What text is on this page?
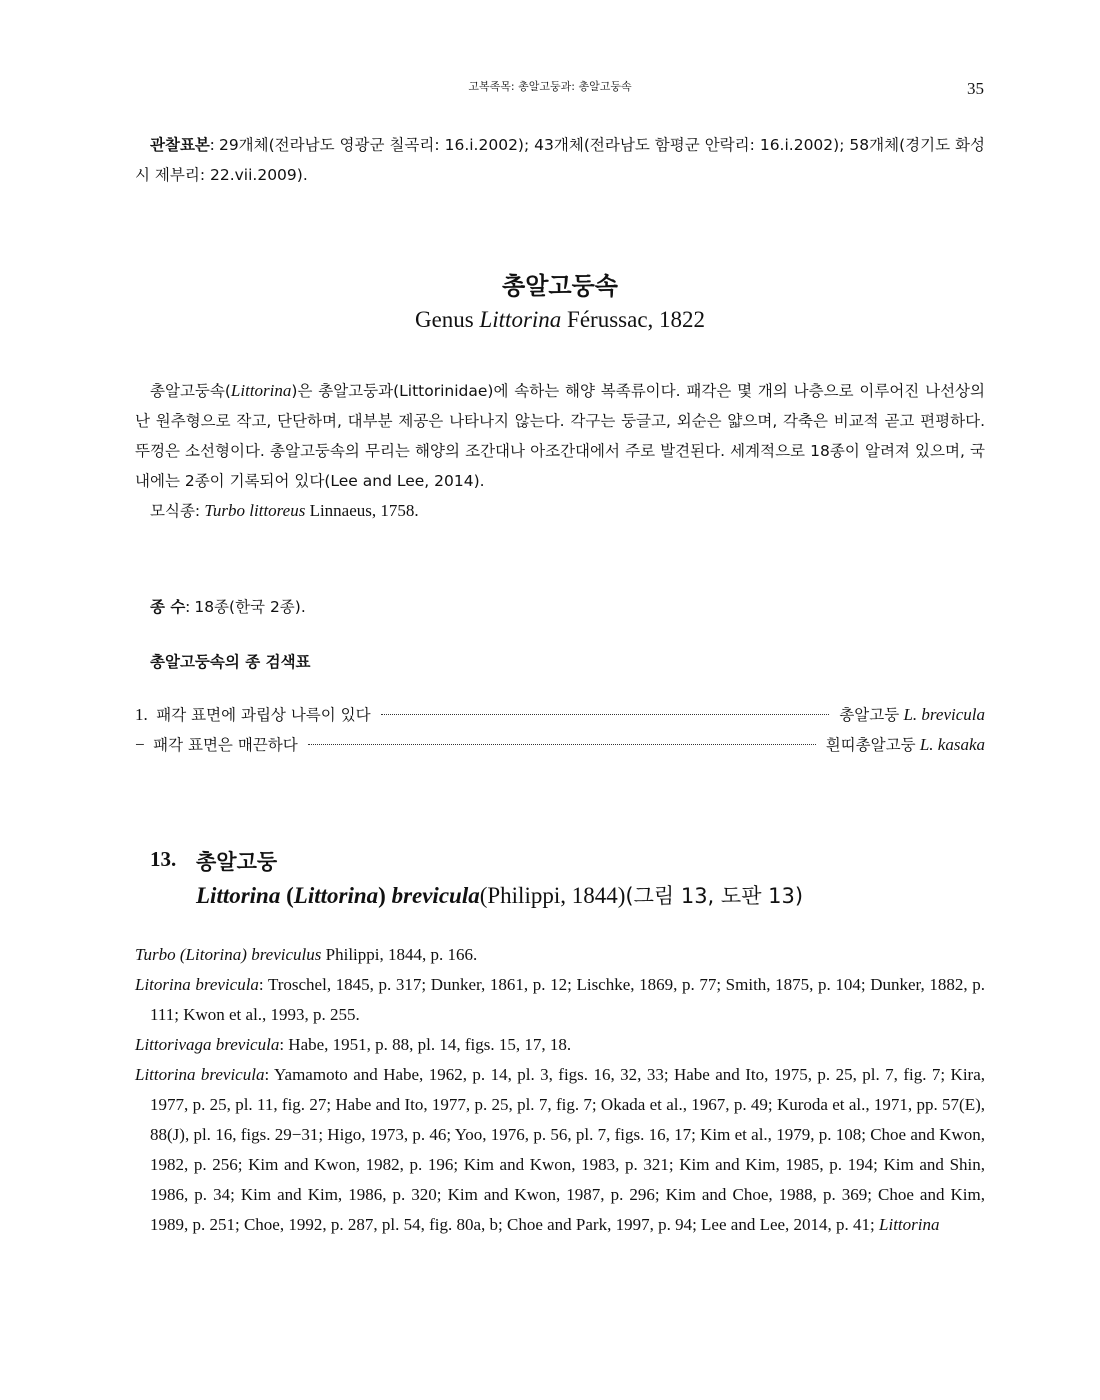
고복족목: 총알고둥과: 총알고둥속	35
관찰표본: 29개체(전라남도 영광군 칠곡리: 16.i.2002); 43개체(전라남도 함평군 안락리: 16.i.2002); 58개체(경기도 화성시 제부리: 22.vii.2009).
총알고둥속
Genus Littorina Férussac, 1822

총알고둥속(Littorina)은 총알고둥과(Littorinidae)에 속하는 해양 복족류이다. 패각은 몇 개의 나층으로 이루어진 나선상의 난 원추형으로 작고, 단단하며, 대부분 제공은 나타나지 않는다. 각구는 둥글고, 외순은 얇으며, 각축은 비교적 곧고 편평하다. 뚜껑은 소선형이다. 총알고둥속의 무리는 해양의 조간대나 아조간대에서 주로 발견된다. 세계적으로 18종이 알려져 있으며, 국내에는 2종이 기록되어 있다(Lee and Lee, 2014).

모식종: Turbo littoreus Linnaeus, 1758.

종 수: 18종(한국 2종).
총알고둥속의 종 검색표
1. 패각 표면에 과립상 나륵이 있다	총알고둥 L. brevicula
− 패각 표면은 매끈하다	흰띠총알고둥 L. kasaka
13. 총알고둥
Littorina (Littorina) brevicula(Philippi, 1844)(그림 13, 도판 13)

Turbo (Litorina) breviculus Philippi, 1844, p. 166.

Litorina brevicula: Troschel, 1845, p. 317; Dunker, 1861, p. 12; Lischke, 1869, p. 77; Smith, 1875, p. 104; Dunker, 1882, p. 111; Kwon et al., 1993, p. 255.

Littorivaga brevicula: Habe, 1951, p. 88, pl. 14, figs. 15, 17, 18.

Littorina brevicula: Yamamoto and Habe, 1962, p. 14, pl. 3, figs. 16, 32, 33; Habe and Ito, 1975, p. 25, pl. 7, fig. 7; Kira, 1977, p. 25, pl. 11, fig. 27; Habe and Ito, 1977, p. 25, pl. 7, fig. 7; Okada et al., 1967, p. 49; Kuroda et al., 1971, pp. 57(E), 88(J), pl. 16, figs. 29−31; Higo, 1973, p. 46; Yoo, 1976, p. 56, pl. 7, figs. 16, 17; Kim et al., 1979, p. 108; Choe and Kwon, 1982, p. 256; Kim and Kwon, 1982, p. 196; Kim and Kwon, 1983, p. 321; Kim and Kim, 1985, p. 194; Kim and Shin, 1986, p. 34; Kim and Kim, 1986, p. 320; Kim and Kwon, 1987, p. 296; Kim and Choe, 1988, p. 369; Choe and Kim, 1989, p. 251; Choe, 1992, p. 287, pl. 54, fig. 80a, b; Choe and Park, 1997, p. 94; Lee and Lee, 2014, p. 41; Littorina
